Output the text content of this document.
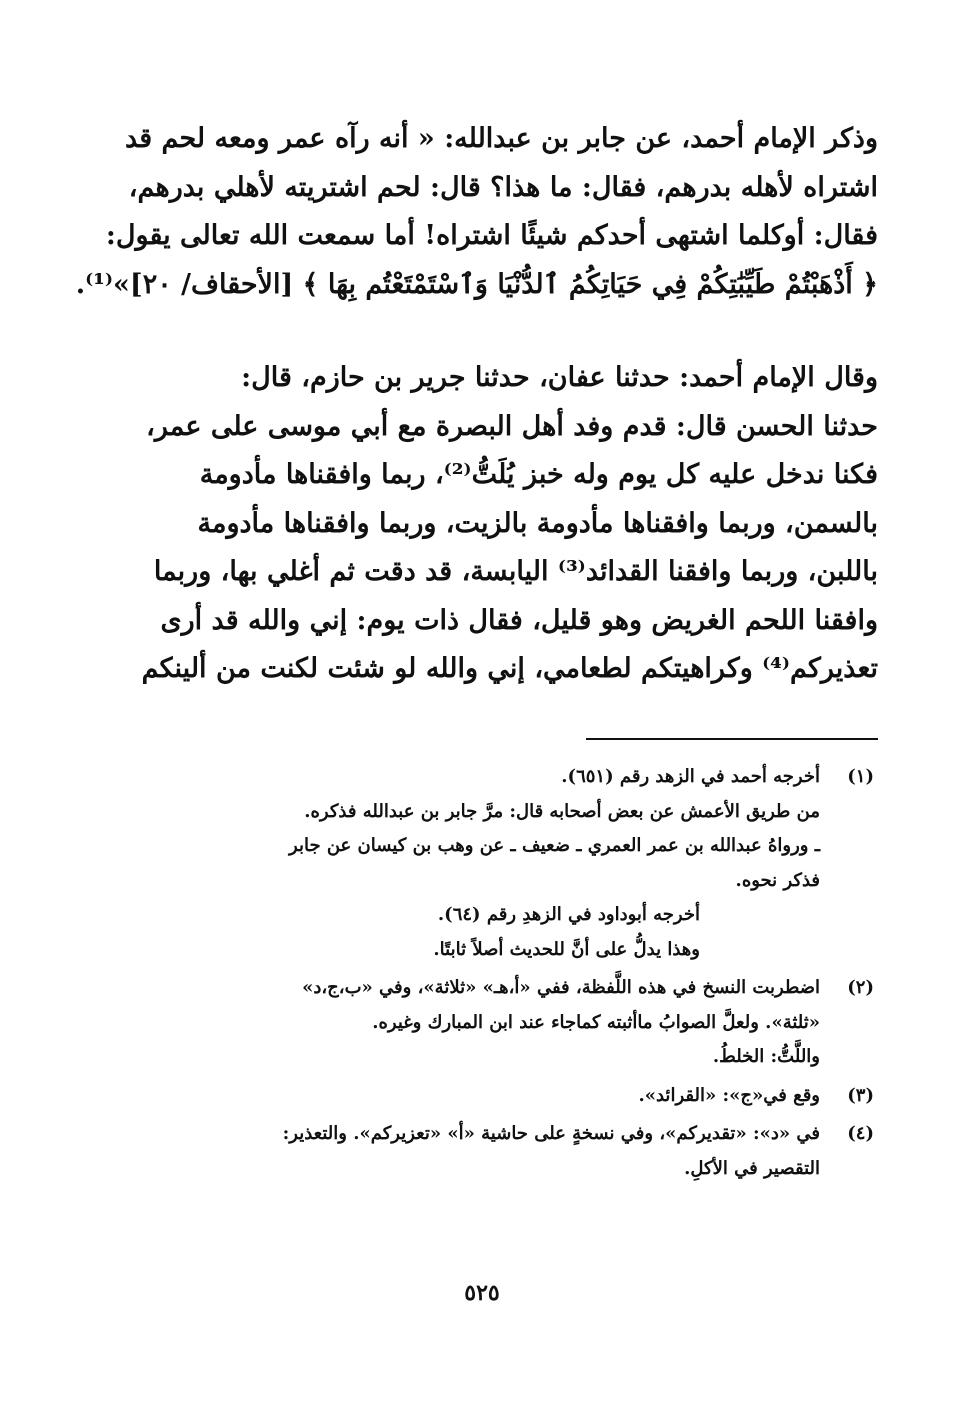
وذكر الإمام أحمد، عن جابر بن عبدالله: « أنه رآه عمر ومعه لحم قد
اشتراه لأهله بدرهم، فقال: ما هذا؟ قال: لحم اشتريته لأهلي بدرهم،
فقال: أوكلما اشتهى أحدكم شيئًا اشتراه! أما سمعت الله تعالى يقول:
﴿ أَذْهَبْتُمْ طَيِّبَٰتِكُمْ فِي حَيَاتِكُمُ ٱلدُّنْيَا وَٱسْتَمْتَعْتُم بِهَا ﴾ [الأحقاف/ ٢٠]»⁽¹⁾.
وقال الإمام أحمد: حدثنا عفان، حدثنا جرير بن حازم، قال:
حدثنا الحسن قال: قدم وفد أهل البصرة مع أبي موسى على عمر،
فكنا ندخل عليه كل يوم وله خبز يُلَتُّ⁽²⁾، ربما وافقناها مأدومة
بالسمن، وربما وافقناها مأدومة بالزيت، وربما وافقناها مأدومة
باللبن، وربما وافقنا القدائد⁽³⁾ اليابسة، قد دقت ثم أغلي بها، وربما
وافقنا اللحم الغريض وهو قليل، فقال ذات يوم: إني والله قد أرى
تعذيركم⁽⁴⁾ وكراهيتكم لطعامي، إني والله لو شئت لكنت من ألينكم
(١)
أخرجه أحمد في الزهد رقم (٦٥١).
من طريق الأعمش عن بعض أصحابه قال: مرَّ جابر بن عبدالله فذكره.
ـ ورواهُ عبدالله بن عمر العمري ـ ضعيف ـ عن وهب بن كيسان عن جابر
فذكر نحوه.
أخرجه أبوداود في الزهدِ رقم (٦٤).
وهذا يدلُّ على أنَّ للحديث أصلاً ثابتًا.
(٢)
اضطربت النسخ في هذه اللَّفظة، ففي «أ،هـ» «ثلاثة»، وفي «ب،ج،د»
«ثلثة». ولعلَّ الصوابُ ماأثبته كماجاء عند ابن المبارك وغيره.
واللَّتُّ: الخلطُ.
(٣)
وقع في«ج»: «القرائد».
(٤)
في «د»: «تقديركم»، وفي نسخةٍ على حاشية «أ» «تعزيركم». والتعذير:
التقصير في الأكلِ.
٥٢٥
